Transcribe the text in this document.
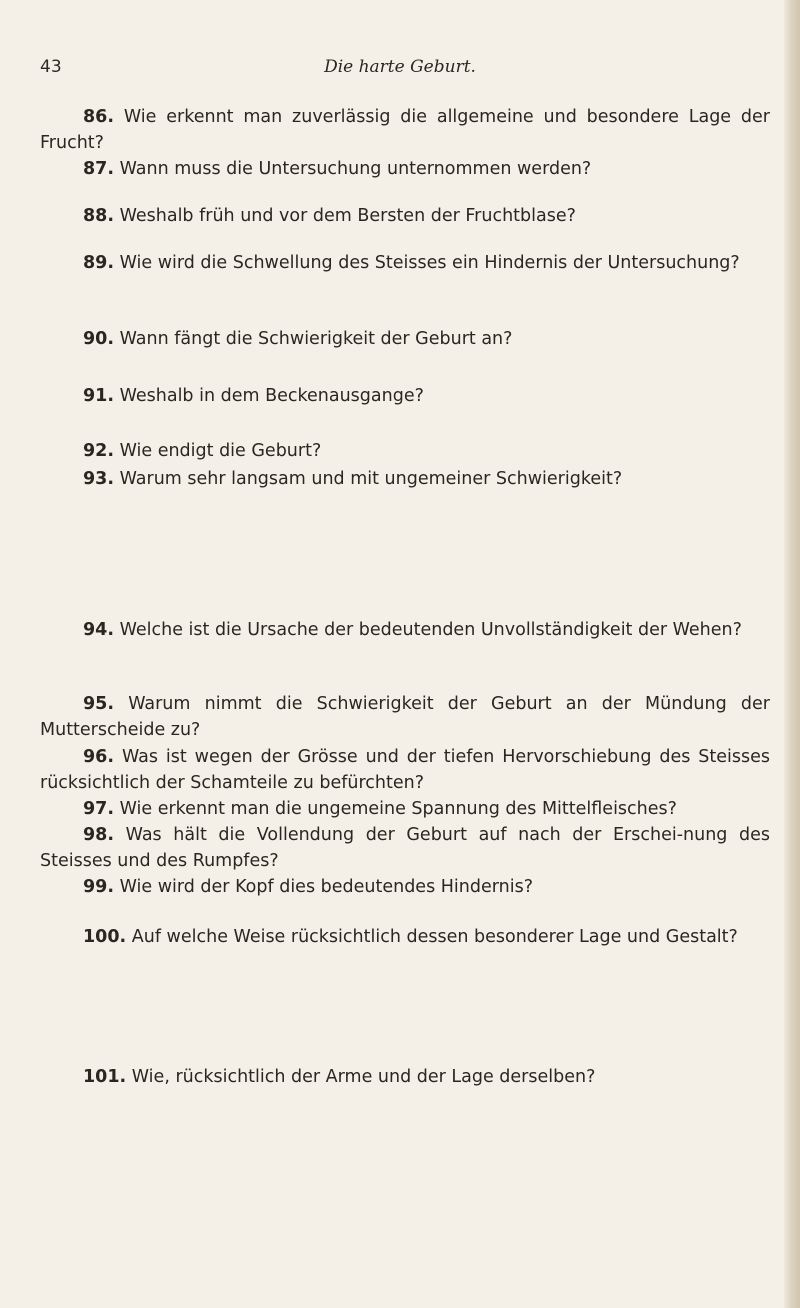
43	Die harte Geburt.
86. Wie erkennt man zuverlässig die allgemeine und besondere Lage der Frucht?
87. Wann muss die Untersuchung unternommen werden?
88. Weshalb früh und vor dem Bersten der Fruchtblase?
89. Wie wird die Schwellung des Steisses ein Hindernis der Untersuchung?
90. Wann fängt die Schwierigkeit der Geburt an?
91. Weshalb in dem Beckenausgange?
92. Wie endigt die Geburt?
93. Warum sehr langsam und mit ungemeiner Schwierigkeit?
94. Welche ist die Ursache der bedeutenden Unvollständigkeit der Wehen?
95. Warum nimmt die Schwierigkeit der Geburt an der Mündung der Mutterscheide zu?
96. Was ist wegen der Grösse und der tiefen Hervorschiebung des Steisses rücksichtlich der Schamteile zu befürchten?
97. Wie erkennt man die ungemeine Spannung des Mittelfleisches?
98. Was hält die Vollendung der Geburt auf nach der Erschei-nung des Steisses und des Rumpfes?
99. Wie wird der Kopf dies bedeutendes Hindernis?
100. Auf welche Weise rücksichtlich dessen besonderer Lage und Gestalt?
101. Wie, rücksichtlich der Arme und der Lage derselben?
